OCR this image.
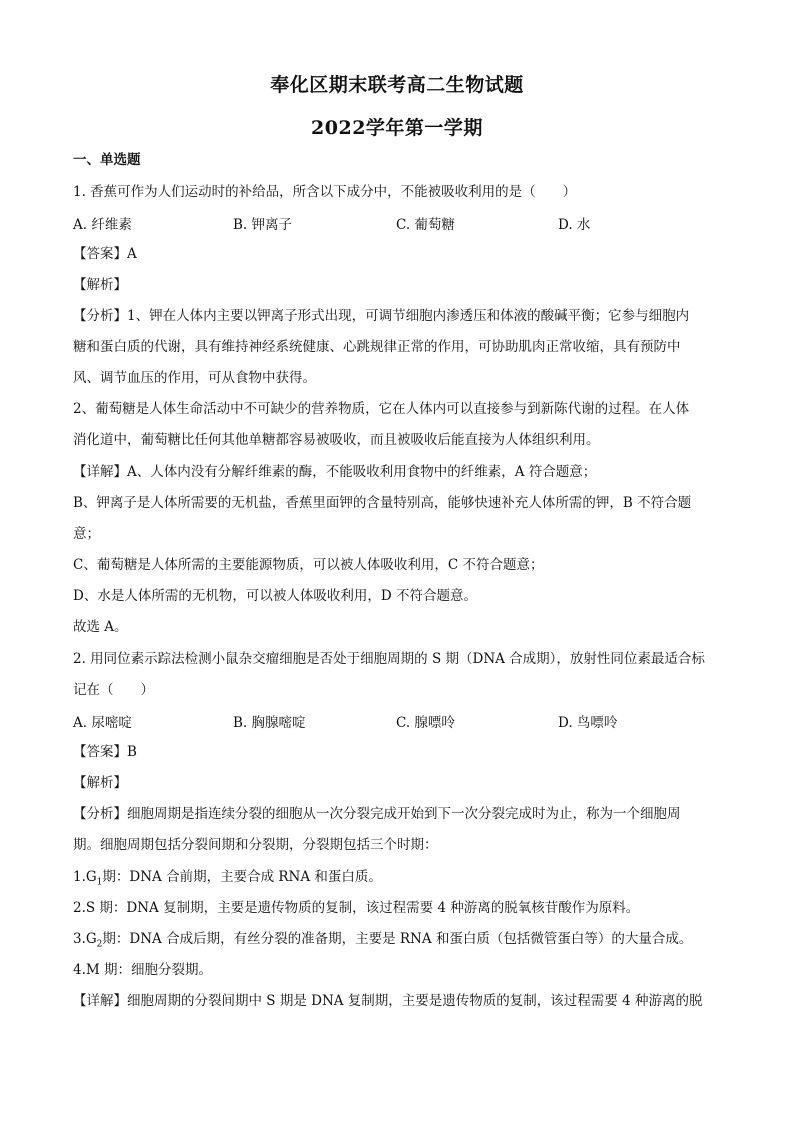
奉化区期末联考高二生物试题
2022学年第一学期
一、单选题
1. 香蕉可作为人们运动时的补给品，所含以下成分中，不能被吸收利用的是（　　）
A. 纤维素	B. 钾离子	C. 葡萄糖	D. 水
【答案】A
【解析】
【分析】1、钾在人体内主要以钾离子形式出现，可调节细胞内渗透压和体液的酸碱平衡；它参与细胞内
糖和蛋白质的代谢，具有维持神经系统健康、心跳规律正常的作用，可协助肌肉正常收缩，具有预防中
风、调节血压的作用，可从食物中获得。
2、葡萄糖是人体生命活动中不可缺少的营养物质，它在人体内可以直接参与到新陈代谢的过程。在人体
消化道中，葡萄糖比任何其他单糖都容易被吸收，而且被吸收后能直接为人体组织利用。
【详解】A、人体内没有分解纤维素的酶，不能吸收利用食物中的纤维素，A 符合题意；
B、钾离子是人体所需要的无机盐，香蕉里面钾的含量特别高，能够快速补充人体所需的钾，B 不符合题
意；
C、葡萄糖是人体所需的主要能源物质，可以被人体吸收利用，C 不符合题意；
D、水是人体所需的无机物，可以被人体吸收利用，D 不符合题意。
故选 A。
2. 用同位素示踪法检测小鼠杂交瘤细胞是否处于细胞周期的 S 期（DNA 合成期），放射性同位素最适合标
记在（　　）
A. 尿嘧啶	B. 胸腺嘧啶	C. 腺嘌呤	D. 鸟嘌呤
【答案】B
【解析】
【分析】细胞周期是指连续分裂的细胞从一次分裂完成开始到下一次分裂完成时为止，称为一个细胞周
期。细胞周期包括分裂间期和分裂期，分裂期包括三个时期：
$1.G_1$期：DNA 合前期，主要合成 RNA 和蛋白质。
2.S 期：DNA 复制期，主要是遗传物质的复制，该过程需要 4 种游离的脱氧核苷酸作为原料。
$3.G_2$期：DNA 合成后期，有丝分裂的准备期，主要是 RNA 和蛋白质（包括微管蛋白等）的大量合成。
4.M 期：细胞分裂期。
【详解】细胞周期的分裂间期中 S 期是 DNA 复制期，主要是遗传物质的复制，该过程需要 4 种游离的脱
